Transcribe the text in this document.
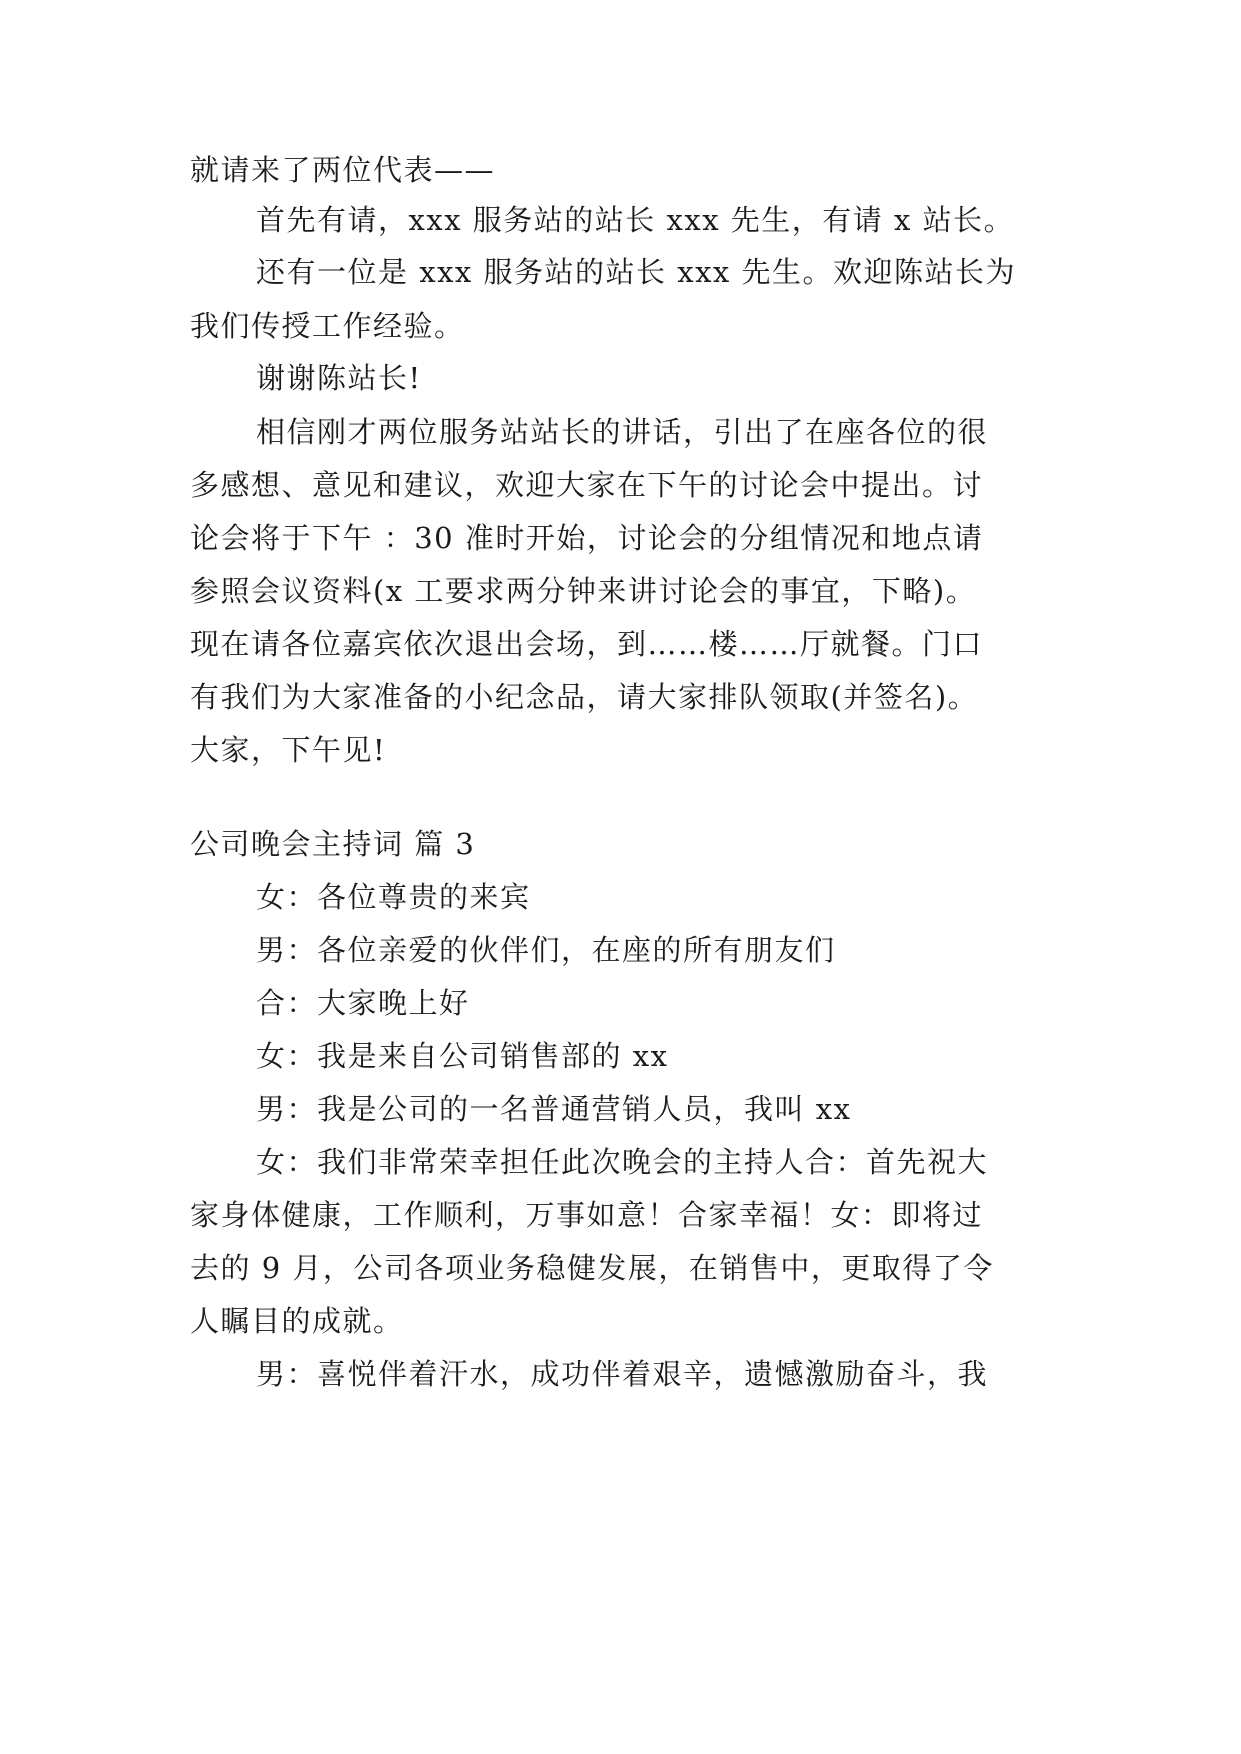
就请来了两位代表——

首先有请，xxx 服务站的站长 xxx 先生，有请 x 站长。

还有一位是 xxx 服务站的站长 xxx 先生。欢迎陈站长为

我们传授工作经验。

谢谢陈站长!

相信刚才两位服务站站长的讲话，引出了在座各位的很

多感想、意见和建议，欢迎大家在下午的讨论会中提出。讨

论会将于下午 ：30 准时开始，讨论会的分组情况和地点请

参照会议资料(x 工要求两分钟来讲讨论会的事宜，下略)。

现在请各位嘉宾依次退出会场，到……楼……厅就餐。门口

有我们为大家准备的小纪念品，请大家排队领取(并签名)。

大家，下午见!

公司晚会主持词 篇 3

女：各位尊贵的来宾

男：各位亲爱的伙伴们，在座的所有朋友们

合：大家晚上好

女：我是来自公司销售部的 xx

男：我是公司的一名普通营销人员，我叫 xx

女：我们非常荣幸担任此次晚会的主持人合：首先祝大

家身体健康，工作顺利，万事如意！合家幸福！女：即将过

去的 9 月，公司各项业务稳健发展，在销售中，更取得了令

人瞩目的成就。

男：喜悦伴着汗水，成功伴着艰辛，遗憾激励奋斗，我
